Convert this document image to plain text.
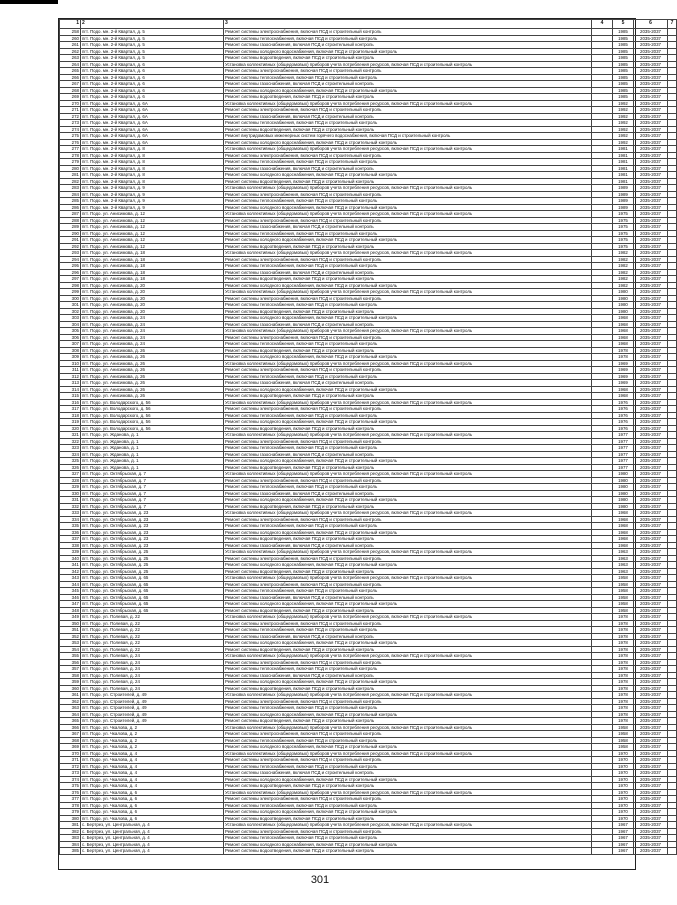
1	2	3	4	5	6	7
258	пгт. Подо. мн. 2-й Квартал, д. 5	Ремонт системы электроснабжения, включая ПСД и строительный контроль		1985	2035-2037	
260	пгт. Подо. мн. 2-й Квартал, д. 5	Ремонт системы теплоснабжения, включая ПСД и строительный контроль		1985	2035-2037	
261	пгт. Подо. мн. 2-й Квартал, д. 5	Ремонт системы газоснабжения, включая ПСД и строительный контроль		1985	2035-2037	
262	пгт. Подо. мн. 2-й Квартал, д. 5	Ремонт системы холодного водоснабжения, включая ПСД и строительный контроль		1985	2035-2037	
263	пгт. Подо. мн. 2-й Квартал, д. 5	Ремонт системы водоотведения, включая ПСД и строительный контроль		1985	2035-2037	
264	пгт. Подо. мн. 2-й Квартал, д. 6	Установка коллективных (общедомовых) приборов учета потребления ресурсов, включая ПСД и строительный контроль		1985	2035-2037	
265	пгт. Подо. мн. 2-й Квартал, д. 6	Ремонт системы электроснабжения, включая ПСД и строительный контроль		1985	2035-2037	
266	пгт. Подо. мн. 2-й Квартал, д. 6	Ремонт системы теплоснабжения, включая ПСД и строительный контроль		1985	2035-2037	
267	пгт. Подо. мн. 2-й Квартал, д. 6	Ремонт системы газоснабжения, включая ПСД и строительный контроль		1985	2035-2037	
268	пгт. Подо. мн. 2-й Квартал, д. 6	Ремонт системы холодного водоснабжения, включая ПСД и строительный контроль		1985	2035-2037	
269	пгт. Подо. мн. 2-й Квартал, д. 6	Ремонт системы водоотведения, включая ПСД и строительный контроль		1985	2035-2037	
270	пгт. Подо. мн. 2-й Квартал, д. 6А	Установка коллективных (общедомовых) приборов учета потребления ресурсов, включая ПСД и строительный контроль		1992	2035-2037	
271	пгт. Подо. мн. 2-й Квартал, д. 6А	Ремонт системы электроснабжения, включая ПСД и строительный контроль		1992	2035-2037	
272	пгт. Подо. мн. 2-й Квартал, д. 6А	Ремонт системы газоснабжения, включая ПСД и строительный контроль		1992	2035-2037	
273	пгт. Подо. мн. 2-й Квартал, д. 6А	Ремонт системы теплоснабжения, включая ПСД и строительный контроль		1992	2035-2037	
274	пгт. Подо. мн. 2-й Квартал, д. 6А	Ремонт системы водоотведения, включая ПСД и строительный контроль		1992	2035-2037	
275	пгт. Подо. мн. 2-й Квартал, д. 6А	Ремонт внутридомовых инженерных систем горячего водоснабжения, включая ПСД и строительный контроль		1992	2035-2037	
276	пгт. Подо. мн. 2-й Квартал, д. 6А	Ремонт системы холодного водоснабжения, включая ПСД и строительный контроль		1992	2035-2037	
277	пгт. Подо. мн. 2-й Квартал, д. 8	Установка коллективных (общедомовых) приборов учета потребления ресурсов, включая ПСД и строительный контроль		1981	2035-2037	
278	пгт. Подо. мн. 2-й Квартал, д. 8	Ремонт системы электроснабжения, включая ПСД и строительный контроль		1981	2035-2037	
279	пгт. Подо. мн. 2-й Квартал, д. 8	Ремонт системы теплоснабжения, включая ПСД и строительный контроль		1981	2035-2037	
280	пгт. Подо. мн. 2-й Квартал, д. 8	Ремонт системы газоснабжения, включая ПСД и строительный контроль		1981	2035-2037	
281	пгт. Подо. мн. 2-й Квартал, д. 8	Ремонт системы холодного водоснабжения, включая ПСД и строительный контроль		1981	2035-2037	
282	пгт. Подо. мн. 2-й Квартал, д. 8	Ремонт системы водоотведения, включая ПСД и строительный контроль		1981	2035-2037	
283	пгт. Подо. мн. 2-й Квартал, д. 9	Установка коллективных (общедомовых) приборов учета потребления ресурсов, включая ПСД и строительный контроль		1989	2035-2037	
284	пгт. Подо. мн. 2-й Квартал, д. 9	Ремонт системы электроснабжения, включая ПСД и строительный контроль		1989	2035-2037	
285	пгт. Подо. мн. 2-й Квартал, д. 9	Ремонт системы теплоснабжения, включая ПСД и строительный контроль		1989	2035-2037	
286	пгт. Подо. мн. 2-й Квартал, д. 9	Ремонт системы холодного водоснабжения, включая ПСД и строительный контроль		1989	2035-2037	
287	пгт. Подо. ул. Анисимова, д. 12	Установка коллективных (общедомовых) приборов учета потребления ресурсов, включая ПСД и строительный контроль		1975	2035-2037	
288	пгт. Подо. ул. Анисимова, д. 12	Ремонт системы электроснабжения, включая ПСД и строительный контроль		1975	2035-2037	
289	пгт. Подо. ул. Анисимова, д. 12	Ремонт системы газоснабжения, включая ПСД и строительный контроль		1975	2035-2037	
290	пгт. Подо. ул. Анисимова, д. 12	Ремонт системы теплоснабжения, включая ПСД и строительный контроль		1975	2035-2037	
291	пгт. Подо. ул. Анисимова, д. 12	Ремонт системы холодного водоснабжения, включая ПСД и строительный контроль		1975	2035-2037	
292	пгт. Подо. ул. Анисимова, д. 12	Ремонт системы водоотведения, включая ПСД и строительный контроль		1975	2035-2037	
293	пгт. Подо. ул. Анисимова, д. 18	Установка коллективных (общедомовых) приборов учета потребления ресурсов, включая ПСД и строительный контроль		1982	2035-2037	
294	пгт. Подо. ул. Анисимова, д. 18	Ремонт системы электроснабжения, включая ПСД и строительный контроль		1982	2035-2037	
295	пгт. Подо. ул. Анисимова, д. 18	Ремонт системы теплоснабжения, включая ПСД и строительный контроль		1982	2035-2037	
296	пгт. Подо. ул. Анисимова, д. 18	Ремонт системы газоснабжения, включая ПСД и строительный контроль		1982	2035-2037	
297	пгт. Подо. ул. Анисимова, д. 18	Ремонт системы водоотведения, включая ПСД и строительный контроль		1982	2035-2037	
298	пгт. Подо. ул. Анисимова, д. 20	Ремонт системы холодного водоснабжения, включая ПСД и строительный контроль		1982	2035-2037	
299	пгт. Подо. ул. Анисимова, д. 20	Установка коллективных (общедомовых) приборов учета потребления ресурсов, включая ПСД и строительный контроль		1980	2035-2037	
300	пгт. Подо. ул. Анисимова, д. 20	Ремонт системы электроснабжения, включая ПСД и строительный контроль		1980	2035-2037	
301	пгт. Подо. ул. Анисимова, д. 20	Ремонт системы теплоснабжения, включая ПСД и строительный контроль		1980	2035-2037	
302	пгт. Подо. ул. Анисимова, д. 20	Ремонт системы водоотведения, включая ПСД и строительный контроль		1980	2035-2037	
303	пгт. Подо. ул. Анисимова, д. 24	Ремонт системы холодного водоснабжения, включая ПСД и строительный контроль		1968	2035-2037	
304	пгт. Подо. ул. Анисимова, д. 24	Ремонт системы газоснабжения, включая ПСД и строительный контроль		1968	2035-2037	
305	пгт. Подо. ул. Анисимова, д. 24	Установка коллективных (общедомовых) приборов учета потребления ресурсов, включая ПСД и строительный контроль		1968	2035-2037	
306	пгт. Подо. ул. Анисимова, д. 24	Ремонт системы электроснабжения, включая ПСД и строительный контроль		1968	2035-2037	
307	пгт. Подо. ул. Анисимова, д. 24	Ремонт системы теплоснабжения, включая ПСД и строительный контроль		1968	2035-2037	
308	пгт. Подо. ул. Анисимова, д. 26	Ремонт системы водоотведения, включая ПСД и строительный контроль		1978	2035-2037	
309	пгт. Подо. ул. Анисимова, д. 26	Ремонт системы холодного водоснабжения, включая ПСД и строительный контроль		1978	2035-2037	
310	пгт. Подо. ул. Анисимова, д. 26	Установка коллективных (общедомовых) приборов учета потребления ресурсов, включая ПСД и строительный контроль		1969	2035-2037	
311	пгт. Подо. ул. Анисимова, д. 26	Ремонт системы электроснабжения, включая ПСД и строительный контроль		1969	2035-2037	
312	пгт. Подо. ул. Анисимова, д. 26	Ремонт системы теплоснабжения, включая ПСД и строительный контроль		1969	2035-2037	
313	пгт. Подо. ул. Анисимова, д. 26	Ремонт системы газоснабжения, включая ПСД и строительный контроль		1969	2035-2037	
314	пгт. Подо. ул. Анисимова, д. 26	Ремонт системы холодного водоснабжения, включая ПСД и строительный контроль		1968	2035-2037	
315	пгт. Подо. ул. Анисимова, д. 26	Ремонт системы водоотведения, включая ПСД и строительный контроль		1968	2035-2037	
316	пгт. Подо. ул. Володарского, д. 56	Установка коллективных (общедомовых) приборов учета потребления ресурсов, включая ПСД и строительный контроль		1976	2035-2037	
317	пгт. Подо. ул. Володарского, д. 56	Ремонт системы электроснабжения, включая ПСД и строительный контроль		1976	2035-2037	
318	пгт. Подо. ул. Володарского, д. 56	Ремонт системы теплоснабжения, включая ПСД и строительный контроль		1976	2035-2037	
319	пгт. Подо. ул. Володарского, д. 56	Ремонт системы холодного водоснабжения, включая ПСД и строительный контроль		1976	2035-2037	
320	пгт. Подо. ул. Володарского, д. 56	Ремонт системы водоотведения, включая ПСД и строительный контроль		1976	2035-2037	
321	пгт. Подо. ул. Жданова, д. 1	Установка коллективных (общедомовых) приборов учета потребления ресурсов, включая ПСД и строительный контроль		1977	2035-2037	
322	пгт. Подо. ул. Жданова, д. 1	Ремонт системы электроснабжения, включая ПСД и строительный контроль		1977	2035-2037	
323	пгт. Подо. ул. Жданова, д. 1	Ремонт системы теплоснабжения, включая ПСД и строительный контроль		1977	2035-2037	
324	пгт. Подо. ул. Жданова, д. 1	Ремонт системы газоснабжения, включая ПСД и строительный контроль		1977	2035-2037	
325	пгт. Подо. ул. Жданова, д. 1	Ремонт системы холодного водоснабжения, включая ПСД и строительный контроль		1977	2035-2037	
326	пгт. Подо. ул. Жданова, д. 1	Ремонт системы водоотведения, включая ПСД и строительный контроль		1977	2035-2037	
327	пгт. Подо. ул. Октябрьская, д. 7	Установка коллективных (общедомовых) приборов учета потребления ресурсов, включая ПСД и строительный контроль		1980	2035-2037	
328	пгт. Подо. ул. Октябрьская, д. 7	Ремонт системы электроснабжения, включая ПСД и строительный контроль		1980	2035-2037	
329	пгт. Подо. ул. Октябрьская, д. 7	Ремонт системы теплоснабжения, включая ПСД и строительный контроль		1980	2035-2037	
330	пгт. Подо. ул. Октябрьская, д. 7	Ремонт системы газоснабжения, включая ПСД и строительный контроль		1980	2035-2037	
331	пгт. Подо. ул. Октябрьская, д. 7	Ремонт системы холодного водоснабжения, включая ПСД и строительный контроль		1980	2035-2037	
332	пгт. Подо. ул. Октябрьская, д. 7	Ремонт системы водоотведения, включая ПСД и строительный контроль		1980	2035-2037	
333	пгт. Подо. ул. Октябрьская, д. 23	Установка коллективных (общедомовых) приборов учета потребления ресурсов, включая ПСД и строительный контроль		1968	2035-2037	
334	пгт. Подо. ул. Октябрьская, д. 23	Ремонт системы электроснабжения, включая ПСД и строительный контроль		1968	2035-2037	
335	пгт. Подо. ул. Октябрьская, д. 23	Ремонт системы теплоснабжения, включая ПСД и строительный контроль		1968	2035-2037	
336	пгт. Подо. ул. Октябрьская, д. 23	Ремонт системы холодного водоснабжения, включая ПСД и строительный контроль		1968	2035-2037	
337	пгт. Подо. ул. Октябрьская, д. 23	Ремонт системы водоотведения, включая ПСД и строительный контроль		1968	2035-2037	
338	пгт. Подо. ул. Октябрьская, д. 23	Ремонт системы газоснабжения, включая ПСД и строительный контроль		1968	2035-2037	
339	пгт. Подо. ул. Октябрьская, д. 25	Установка коллективных (общедомовых) приборов учета потребления ресурсов, включая ПСД и строительный контроль		1963	2035-2037	
340	пгт. Подо. ул. Октябрьская, д. 25	Ремонт системы электроснабжения, включая ПСД и строительный контроль		1963	2035-2037	
341	пгт. Подо. ул. Октябрьская, д. 25	Ремонт системы холодного водоснабжения, включая ПСД и строительный контроль		1963	2035-2037	
342	пгт. Подо. ул. Октябрьская, д. 25	Ремонт системы водоотведения, включая ПСД и строительный контроль		1963	2035-2037	
343	пгт. Подо. ул. Октябрьская, д. 65	Установка коллективных (общедомовых) приборов учета потребления ресурсов, включая ПСД и строительный контроль		1958	2035-2037	
344	пгт. Подо. ул. Октябрьская, д. 65	Ремонт системы электроснабжения, включая ПСД и строительный контроль		1958	2035-2037	
345	пгт. Подо. ул. Октябрьская, д. 65	Ремонт системы теплоснабжения, включая ПСД и строительный контроль		1958	2035-2037	
346	пгт. Подо. ул. Октябрьская, д. 65	Ремонт системы газоснабжения, включая ПСД и строительный контроль		1958	2035-2037	
347	пгт. Подо. ул. Октябрьская, д. 65	Ремонт системы холодного водоснабжения, включая ПСД и строительный контроль		1958	2035-2037	
348	пгт. Подо. ул. Октябрьская, д. 65	Ремонт системы водоотведения, включая ПСД и строительный контроль		1958	2035-2037	
349	пгт. Подо. ул. Полевая, д. 22	Установка коллективных (общедомовых) приборов учета потребления ресурсов, включая ПСД и строительный контроль		1978	2035-2037	
350	пгт. Подо. ул. Полевая, д. 22	Ремонт системы электроснабжения, включая ПСД и строительный контроль		1978	2035-2037	
351	пгт. Подо. ул. Полевая, д. 22	Ремонт системы теплоснабжения, включая ПСД и строительный контроль		1978	2035-2037	
352	пгт. Подо. ул. Полевая, д. 22	Ремонт системы газоснабжения, включая ПСД и строительный контроль		1978	2035-2037	
353	пгт. Подо. ул. Полевая, д. 22	Ремонт системы холодного водоснабжения, включая ПСД и строительный контроль		1978	2035-2037	
354	пгт. Подо. ул. Полевая, д. 22	Ремонт системы водоотведения, включая ПСД и строительный контроль		1978	2035-2037	
355	пгт. Подо. ул. Полевая, д. 24	Установка коллективных (общедомовых) приборов учета потребления ресурсов, включая ПСД и строительный контроль		1978	2035-2037	
356	пгт. Подо. ул. Полевая, д. 24	Ремонт системы электроснабжения, включая ПСД и строительный контроль		1978	2035-2037	
357	пгт. Подо. ул. Полевая, д. 24	Ремонт системы теплоснабжения, включая ПСД и строительный контроль		1978	2035-2037	
358	пгт. Подо. ул. Полевая, д. 24	Ремонт системы газоснабжения, включая ПСД и строительный контроль		1978	2035-2037	
359	пгт. Подо. ул. Полевая, д. 24	Ремонт системы холодного водоснабжения, включая ПСД и строительный контроль		1978	2035-2037	
360	пгт. Подо. ул. Полевая, д. 24	Ремонт системы водоотведения, включая ПСД и строительный контроль		1978	2035-2037	
361	пгт. Подо. ул. Строителей, д. 49	Установка коллективных (общедомовых) приборов учета потребления ресурсов, включая ПСД и строительный контроль		1978	2035-2037	
362	пгт. Подо. ул. Строителей, д. 49	Ремонт системы электроснабжения, включая ПСД и строительный контроль		1978	2035-2037	
363	пгт. Подо. ул. Строителей, д. 49	Ремонт системы теплоснабжения, включая ПСД и строительный контроль		1978	2035-2037	
364	пгт. Подо. ул. Строителей, д. 49	Ремонт системы холодного водоснабжения, включая ПСД и строительный контроль		1978	2035-2037	
365	пгт. Подо. ул. Строителей, д. 49	Ремонт системы водоотведения, включая ПСД и строительный контроль		1978	2035-2037	
366	пгт. Подо. ул. Чкалова, д. 2	Установка коллективных (общедомовых) приборов учета потребления ресурсов, включая ПСД и строительный контроль		1958	2035-2037	
367	пгт. Подо. ул. Чкалова, д. 2	Ремонт системы электроснабжения, включая ПСД и строительный контроль		1958	2035-2037	
368	пгт. Подо. ул. Чкалова, д. 2	Ремонт системы теплоснабжения, включая ПСД и строительный контроль		1958	2035-2037	
369	пгт. Подо. ул. Чкалова, д. 2	Ремонт системы холодного водоснабжения, включая ПСД и строительный контроль		1958	2035-2037	
370	пгт. Подо. ул. Чкалова, д. 4	Установка коллективных (общедомовых) приборов учета потребления ресурсов, включая ПСД и строительный контроль		1970	2035-2037	
371	пгт. Подо. ул. Чкалова, д. 4	Ремонт системы электроснабжения, включая ПСД и строительный контроль		1970	2035-2037	
372	пгт. Подо. ул. Чкалова, д. 4	Ремонт системы теплоснабжения, включая ПСД и строительный контроль		1970	2035-2037	
373	пгт. Подо. ул. Чкалова, д. 4	Ремонт системы газоснабжения, включая ПСД и строительный контроль		1970	2035-2037	
374	пгт. Подо. ул. Чкалова, д. 4	Ремонт системы холодного водоснабжения, включая ПСД и строительный контроль		1970	2035-2037	
375	пгт. Подо. ул. Чкалова, д. 4	Ремонт системы водоотведения, включая ПСД и строительный контроль		1970	2035-2037	
376	пгт. Подо. ул. Чкалова, д. 6	Установка коллективных (общедомовых) приборов учета потребления ресурсов, включая ПСД и строительный контроль		1970	2035-2037	
377	пгт. Подо. ул. Чкалова, д. 6	Ремонт системы электроснабжения, включая ПСД и строительный контроль		1970	2035-2037	
378	пгт. Подо. ул. Чкалова, д. 6	Ремонт системы теплоснабжения, включая ПСД и строительный контроль		1970	2035-2037	
379	пгт. Подо. ул. Чкалова, д. 6	Ремонт системы холодного водоснабжения, включая ПСД и строительный контроль		1970	2035-2037	
380	пгт. Подо. ул. Чкалова, д. 6	Ремонт системы водоотведения, включая ПСД и строительный контроль		1970	2035-2037	
381	с. Бертрез, ул. Центральная, д. 4	Установка коллективных (общедомовых) приборов учета потребления ресурсов, включая ПСД и строительный контроль		1967	2035-2037	
382	с. Бертрез, ул. Центральная, д. 4	Ремонт системы электроснабжения, включая ПСД и строительный контроль		1967	2035-2037	
383	с. Бертрез, ул. Центральная, д. 4	Ремонт системы теплоснабжения, включая ПСД и строительный контроль		1967	2035-2037	
384	с. Бертрез, ул. Центральная, д. 4	Ремонт системы холодного водоснабжения, включая ПСД и строительный контроль		1967	2035-2037	
385	с. Бертрез, ул. Центральная, д. 4	Ремонт системы водоотведения, включая ПСД и строительный контроль		1967	2035-2037	
301
